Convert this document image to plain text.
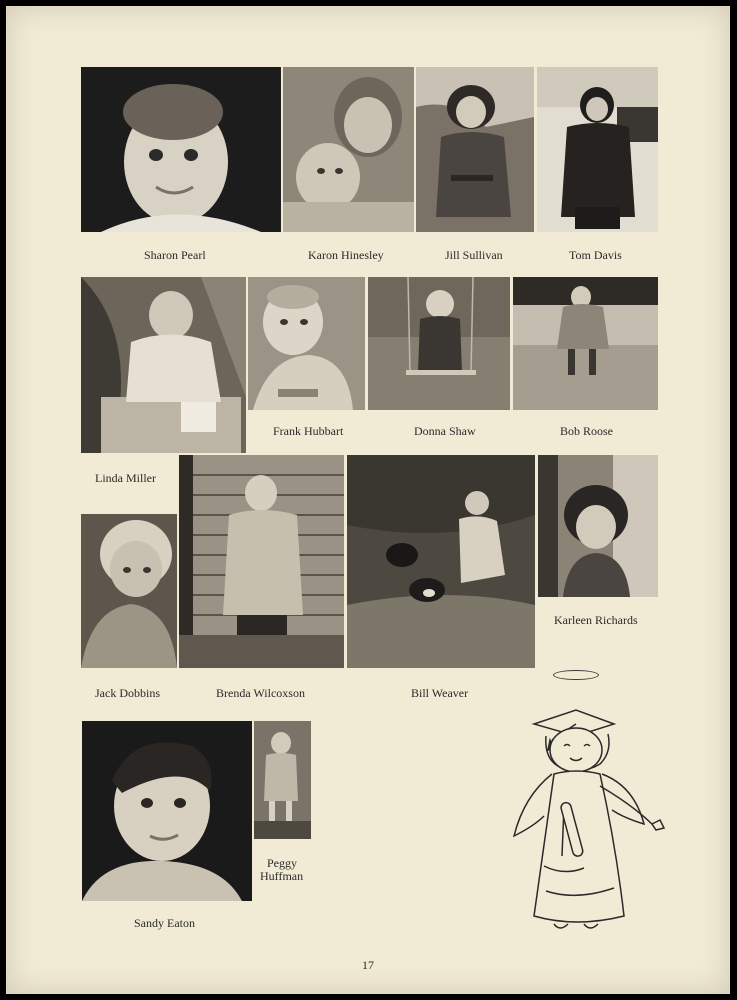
Sharon Pearl	Karon Hinesley	Jill Sullivan	Tom Davis
Frank Hubbart	Donna Shaw	Bob Roose
Linda Miller
Karleen Richards
Jack Dobbins	Brenda Wilcoxson	Bill Weaver
Peggy
Huffman
Sandy Eaton
17
